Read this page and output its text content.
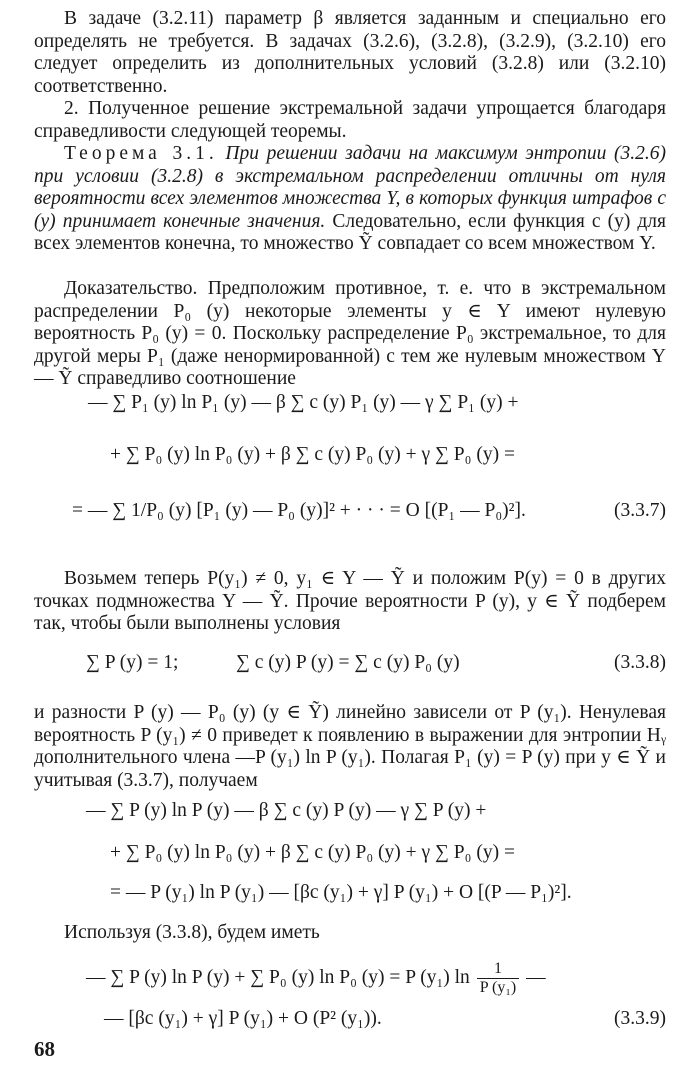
В задаче (3.2.11) параметр β является заданным и специально его определять не требуется. В задачах (3.2.6), (3.2.8), (3.2.9), (3.2.10) его следует определить из дополнительных условий (3.2.8) или (3.2.10) соответственно.

2. Полученное решение экстремальной задачи упрощается благодаря справедливости следующей теоремы.

Теорема 3.1. При решении задачи на максимум энтропии (3.2.6) при условии (3.2.8) в экстремальном распределении отличны от нуля вероятности всех элементов множества Y, в которых функция штрафов c (y) принимает конечные значения. Следовательно, если функция c (y) для всех элементов конечна, то множество Ỹ совпадает со всем множеством Y.

Доказательство. Предположим противное, т. е. что в экстремальном распределении P₀ (y) некоторые элементы y ∈ Y имеют нулевую вероятность P₀ (y) = 0. Поскольку распределение P₀ экстремальное, то для другой меры P₁ (даже ненормированной) с тем же нулевым множеством Y — Ỹ справедливо соотношение

— ∑ P₁ (y) ln P₁ (y) — β ∑ c (y) P₁ (y) — γ ∑ P₁ (y) +
+ ∑ P₀ (y) ln P₀ (y) + β ∑ c (y) P₀ (y) + γ ∑ P₀ (y) =
= — ∑ 1/P₀ (y) [P₁ (y) — P₀ (y)]² + · · · = O [(P₁ — P₀)²].	(3.3.7)

Возьмем теперь P(y₁) ≠ 0, y₁ ∈ Y — Ỹ и положим P(y) = 0 в других точках подмножества Y — Ỹ. Прочие вероятности P (y), y ∈ Ỹ подберем так, чтобы были выполнены условия

∑ P (y) = 1;	∑ c (y) P (y) = ∑ c (y) P₀ (y)	(3.3.8)

и разности P (y) — P₀ (y) (y ∈ Ỹ) линейно зависели от P (y₁). Ненулевая вероятность P (y₁) ≠ 0 приведет к появлению в выражении для энтропии Hᵧ дополнительного члена —P (y₁) ln P (y₁). Полагая P₁ (y) = P (y) при y ∈ Ỹ и учитывая (3.3.7), получаем

— ∑ P (y) ln P (y) — β ∑ c (y) P (y) — γ ∑ P (y) +
+ ∑ P₀ (y) ln P₀ (y) + β ∑ c (y) P₀ (y) + γ ∑ P₀ (y) =
= — P (y₁) ln P (y₁) — [βc (y₁) + γ] P (y₁) + O [(P — P₁)²].

Используя (3.3.8), будем иметь

— ∑ P (y) ln P (y) + ∑ P₀ (y) ln P₀ (y) = P (y₁) $\ln \frac{1}{\text{P (y₁)}}$ —
— [βc (y₁) + γ] P (y₁) + O (P² (y₁)).	(3.3.9)
68
